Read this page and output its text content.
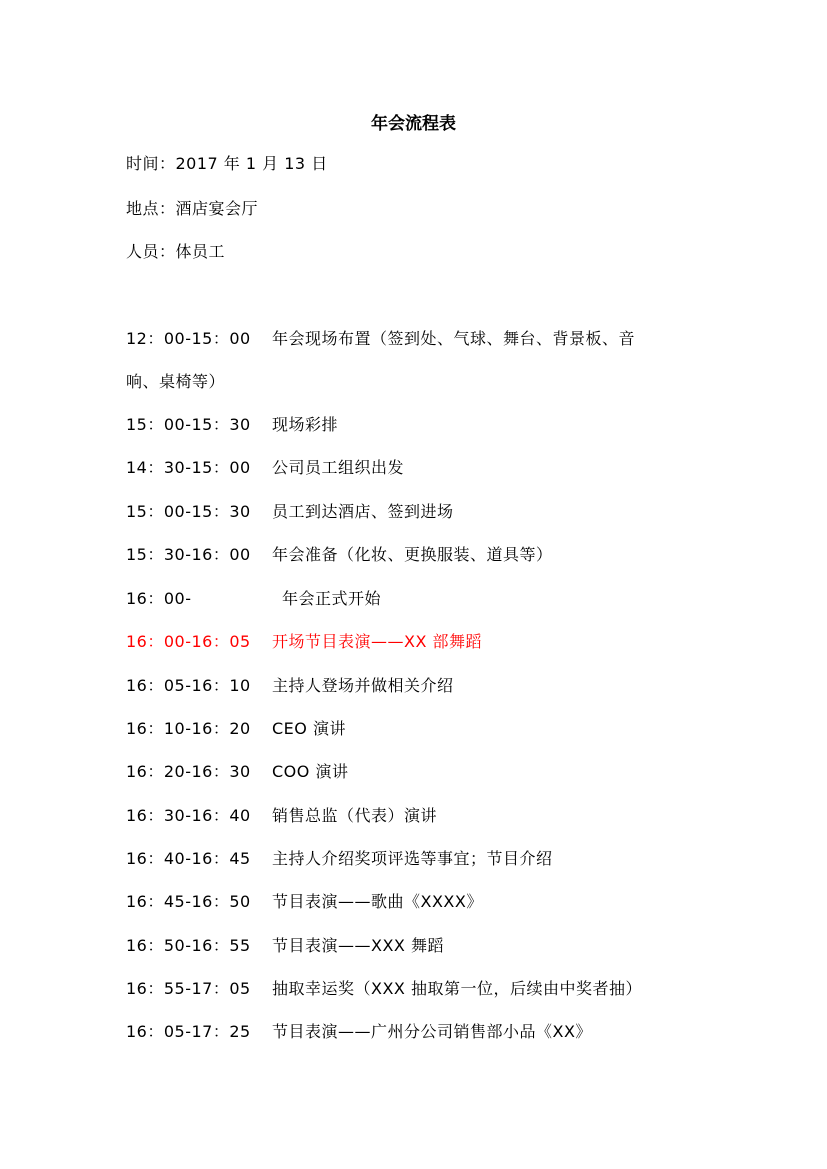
年会流程表
时间：2017 年 1 月 13 日
地点：酒店宴会厅
人员：体员工
12：00-15：00 年会现场布置（签到处、气球、舞台、背景板、音
响、桌椅等）
15：00-15：30 现场彩排
14：30-15：00 公司员工组织出发
15：00-15：30 员工到达酒店、签到进场
15：30-16：00 年会准备（化妆、更换服装、道具等）
16：00-	年会正式开始
16：00-16：05 开场节目表演——XX 部舞蹈
16：05-16：10 主持人登场并做相关介绍
16：10-16：20 CEO 演讲
16：20-16：30 COO 演讲
16：30-16：40 销售总监（代表）演讲
16：40-16：45 主持人介绍奖项评选等事宜；节目介绍
16：45-16：50 节目表演——歌曲《XXXX》
16：50-16：55 节目表演——XXX 舞蹈
16：55-17：05 抽取幸运奖（XXX 抽取第一位，后续由中奖者抽）
16：05-17：25 节目表演——广州分公司销售部小品《XX》
